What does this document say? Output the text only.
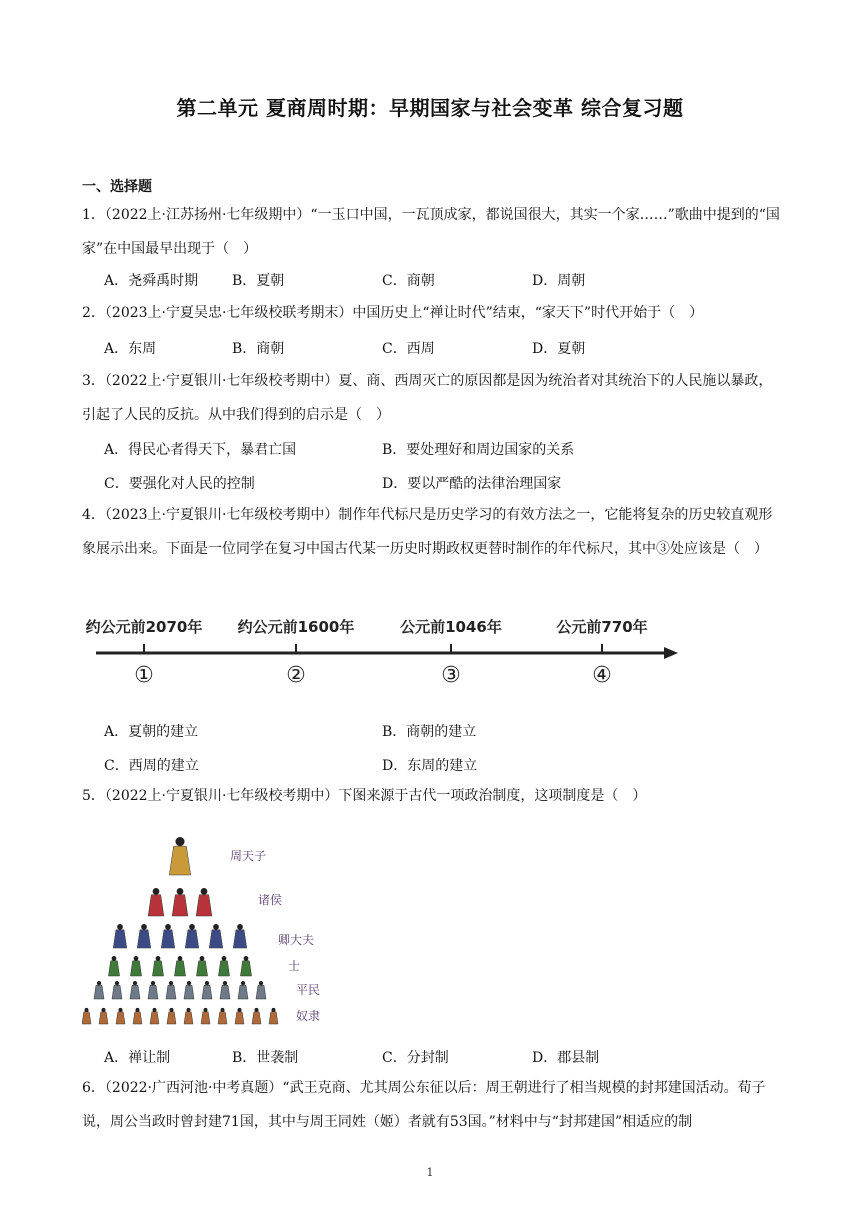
第二单元 夏商周时期：早期国家与社会变革 综合复习题
一、选择题
1．（2022上·江苏扬州·七年级期中）“一玉口中国，一瓦顶成家，都说国很大，其实一个家……”歌曲中提到的“国家”在中国最早出现于（　）
A．尧舜禹时期 B．夏朝	C．商朝	D．周朝
2．（2023上·宁夏吴忠·七年级校联考期末）中国历史上“禅让时代”结束，“家天下”时代开始于（　）
A．东周	B．商朝	C．西周	D．夏朝
3．（2022上·宁夏银川·七年级校考期中）夏、商、西周灭亡的原因都是因为统治者对其统治下的人民施以暴政，引起了人民的反抗。从中我们得到的启示是（　）
A．得民心者得天下，暴君亡国	B．要处理好和周边国家的关系
C．要强化对人民的控制	D．要以严酷的法律治理国家
4．（2023上·宁夏银川·七年级校考期中）制作年代标尺是历史学习的有效方法之一，它能将复杂的历史较直观形象展示出来。下面是一位同学在复习中国古代某一历史时期政权更替时制作的年代标尺，其中③处应该是（　）
约公元前2070年 约公元前1600年	公元前1046年	公元前770年
①	②	③	④
A．夏朝的建立	B．商朝的建立
C．西周的建立	D．东周的建立
5．（2022上·宁夏银川·七年级校考期中）下图来源于古代一项政治制度，这项制度是（　）
周天子
诸侯
卿大夫
士
平民
奴隶
A．禅让制	B．世袭制	C．分封制	D．郡县制
6．（2022·广西河池·中考真题）“武王克商、尤其周公东征以后：周王朝进行了相当规模的封邦建国活动。荀子说，周公当政时曾封建71国，其中与周王同姓（姬）者就有53国。”材料中与“封邦建国”相适应的制
1
